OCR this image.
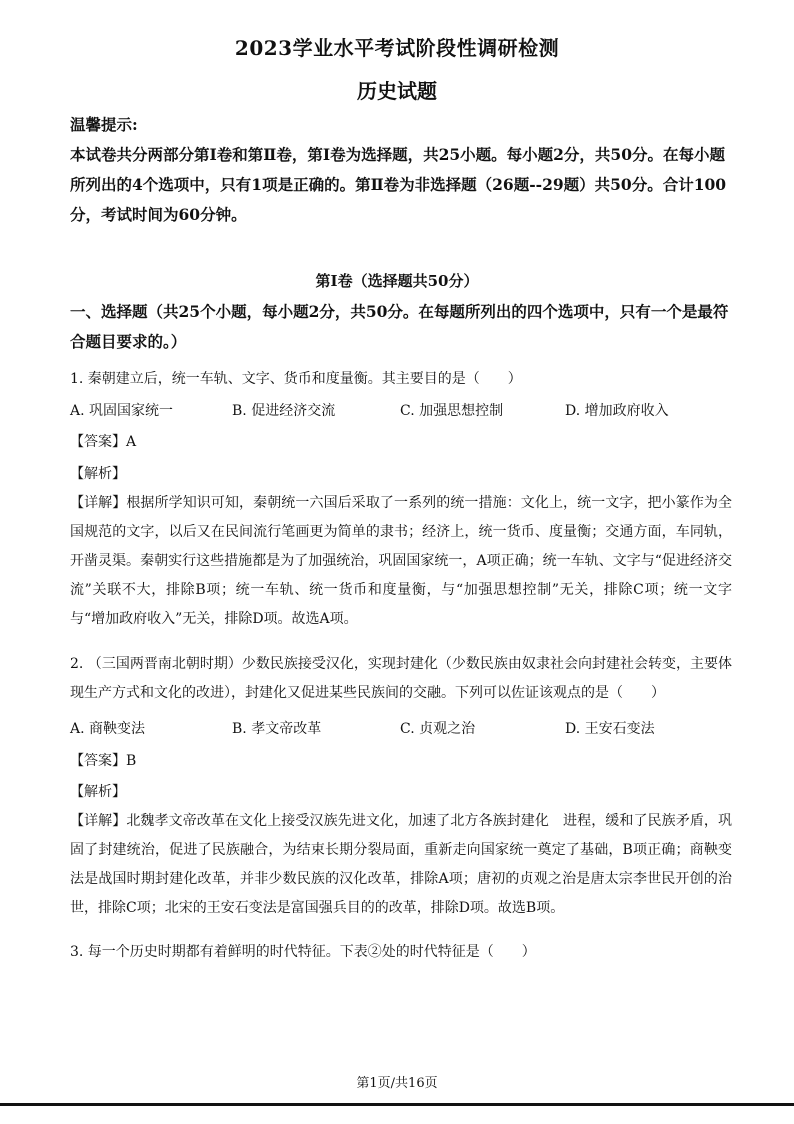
2023学业水平考试阶段性调研检测
历史试题
温馨提示:
本试卷共分两部分第Ⅰ卷和第Ⅱ卷，第Ⅰ卷为选择题，共25小题。每小题2分，共50分。在每小题所列出的4个选项中，只有1项是正确的。第Ⅱ卷为非选择题（26题--29题）共50分。合计100分，考试时间为60分钟。
第Ⅰ卷（选择题共50分）
一、选择题（共25个小题，每小题2分，共50分。在每题所列出的四个选项中，只有一个是最符合题目要求的。）
1. 秦朝建立后，统一车轨、文字、货币和度量衡。其主要目的是（　　）
A. 巩固国家统一	B. 促进经济交流	C. 加强思想控制	D. 增加政府收入
【答案】A
【解析】
【详解】根据所学知识可知，秦朝统一六国后采取了一系列的统一措施：文化上，统一文字，把小篆作为全国规范的文字，以后又在民间流行笔画更为简单的隶书；经济上，统一货币、度量衡；交通方面，车同轨，开凿灵渠。秦朝实行这些措施都是为了加强统治，巩固国家统一，A项正确；统一车轨、文字与“促进经济交流”关联不大，排除B项；统一车轨、统一货币和度量衡，与“加强思想控制”无关，排除C项；统一文字与“增加政府收入”无关，排除D项。故选A项。
2. （三国两晋南北朝时期）少数民族接受汉化，实现封建化（少数民族由奴隶社会向封建社会转变，主要体现生产方式和文化的改进），封建化又促进某些民族间的交融。下列可以佐证该观点的是（　　）
A. 商鞅变法	B. 孝文帝改革	C. 贞观之治	D. 王安石变法
【答案】B
【解析】
【详解】北魏孝文帝改革在文化上接受汉族先进文化，加速了北方各族封建化　进程，缓和了民族矛盾，巩固了封建统治，促进了民族融合，为结束长期分裂局面，重新走向国家统一奠定了基础，B项正确；商鞅变法是战国时期封建化改革，并非少数民族的汉化改革，排除A项；唐初的贞观之治是唐太宗李世民开创的治世，排除C项；北宋的王安石变法是富国强兵目的的改革，排除D项。故选B项。
3. 每一个历史时期都有着鲜明的时代特征。下表②处的时代特征是（　　）
第1页/共16页
